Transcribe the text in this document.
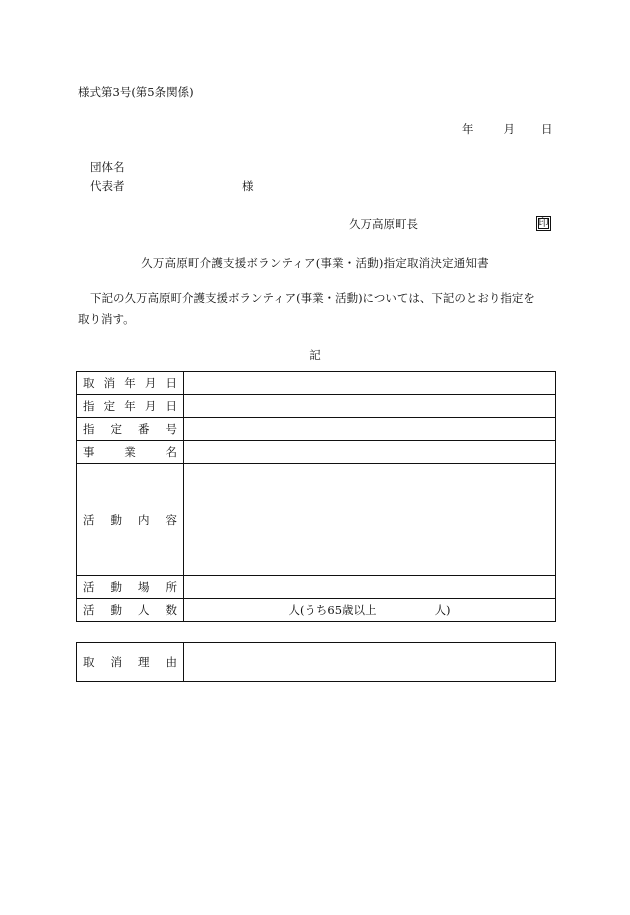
様式第3号(第5条関係)
年	月 日
団体名
代表者	様
久万高原町長	印
久万高原町介護支援ボランティア(事業・活動)指定取消決定通知書
下記の久万高原町介護支援ボランティア(事業・活動)については、下記のとおり指定を
取り消す。
記
取 消 年 月 日	

指 定 年 月 日	

指 定 番 号	

事 業 名	

活 動 内 容	

活 動 場 所	

活 動 人 数	人(うち65歳以上 人)
取 消 理 由
